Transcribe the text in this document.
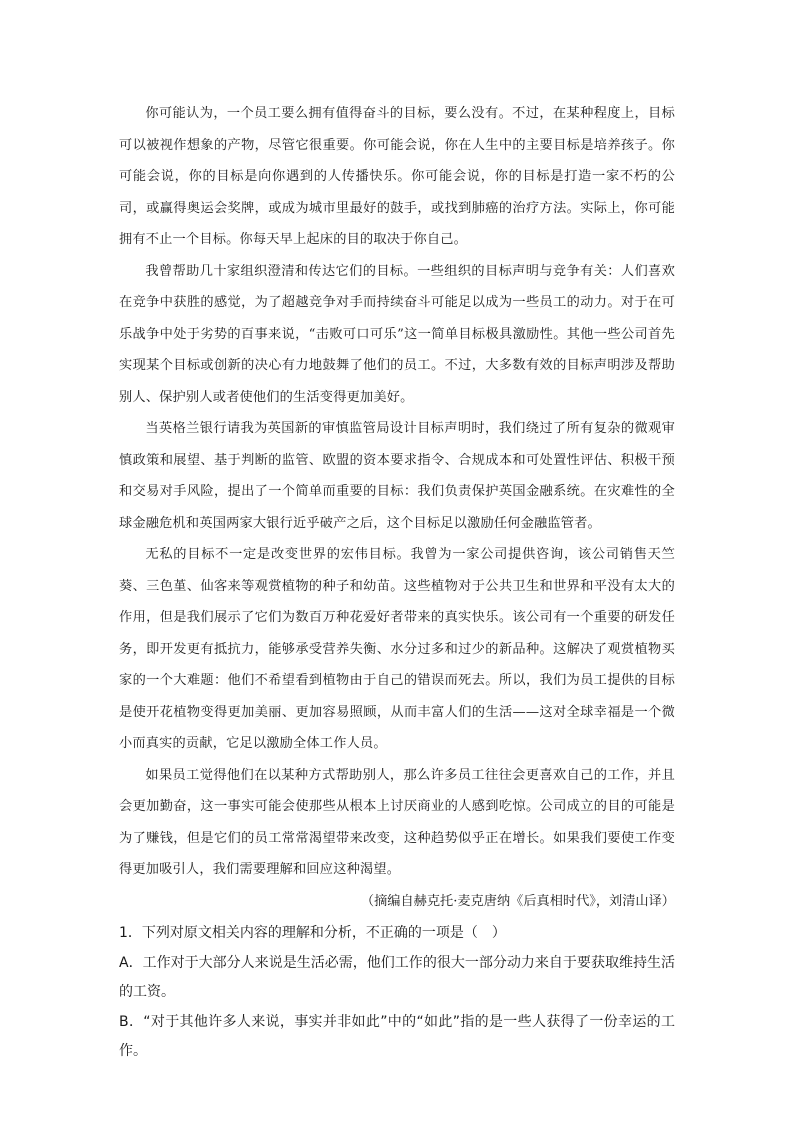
你可能认为，一个员工要么拥有值得奋斗的目标，要么没有。不过，在某种程度上，目标可以被视作想象的产物，尽管它很重要。你可能会说，你在人生中的主要目标是培养孩子。你可能会说，你的目标是向你遇到的人传播快乐。你可能会说，你的目标是打造一家不朽的公司，或赢得奥运会奖牌，或成为城市里最好的鼓手，或找到肺癌的治疗方法。实际上，你可能拥有不止一个目标。你每天早上起床的目的取决于你自己。

我曾帮助几十家组织澄清和传达它们的目标。一些组织的目标声明与竞争有关：人们喜欢在竞争中获胜的感觉，为了超越竞争对手而持续奋斗可能足以成为一些员工的动力。对于在可乐战争中处于劣势的百事来说，“击败可口可乐”这一简单目标极具激励性。其他一些公司首先实现某个目标或创新的决心有力地鼓舞了他们的员工。不过，大多数有效的目标声明涉及帮助别人、保护别人或者使他们的生活变得更加美好。

当英格兰银行请我为英国新的审慎监管局设计目标声明时，我们绕过了所有复杂的微观审慎政策和展望、基于判断的监管、欧盟的资本要求指令、合规成本和可处置性评估、积极干预和交易对手风险，提出了一个简单而重要的目标：我们负责保护英国金融系统。在灾难性的全球金融危机和英国两家大银行近乎破产之后，这个目标足以激励任何金融监管者。

无私的目标不一定是改变世界的宏伟目标。我曾为一家公司提供咨询，该公司销售天竺葵、三色堇、仙客来等观赏植物的种子和幼苗。这些植物对于公共卫生和世界和平没有太大的作用，但是我们展示了它们为数百万种花爱好者带来的真实快乐。该公司有一个重要的研发任务，即开发更有抵抗力，能够承受营养失衡、水分过多和过少的新品种。这解决了观赏植物买家的一个大难题：他们不希望看到植物由于自己的错误而死去。所以，我们为员工提供的目标是使开花植物变得更加美丽、更加容易照顾，从而丰富人们的生活——这对全球幸福是一个微小而真实的贡献，它足以激励全体工作人员。

如果员工觉得他们在以某种方式帮助别人，那么许多员工往往会更喜欢自己的工作，并且会更加勤奋，这一事实可能会使那些从根本上讨厌商业的人感到吃惊。公司成立的目的可能是为了赚钱，但是它们的员工常常渴望带来改变，这种趋势似乎正在增长。如果我们要使工作变得更加吸引人，我们需要理解和回应这种渴望。

（摘编自赫克托·麦克唐纳《后真相时代》，刘清山译）

1．下列对原文相关内容的理解和分析，不正确的一项是（　）

A．工作对于大部分人来说是生活必需，他们工作的很大一部分动力来自于要获取维持生活的工资。

B．“对于其他许多人来说，事实并非如此”中的“如此”指的是一些人获得了一份幸运的工作。
